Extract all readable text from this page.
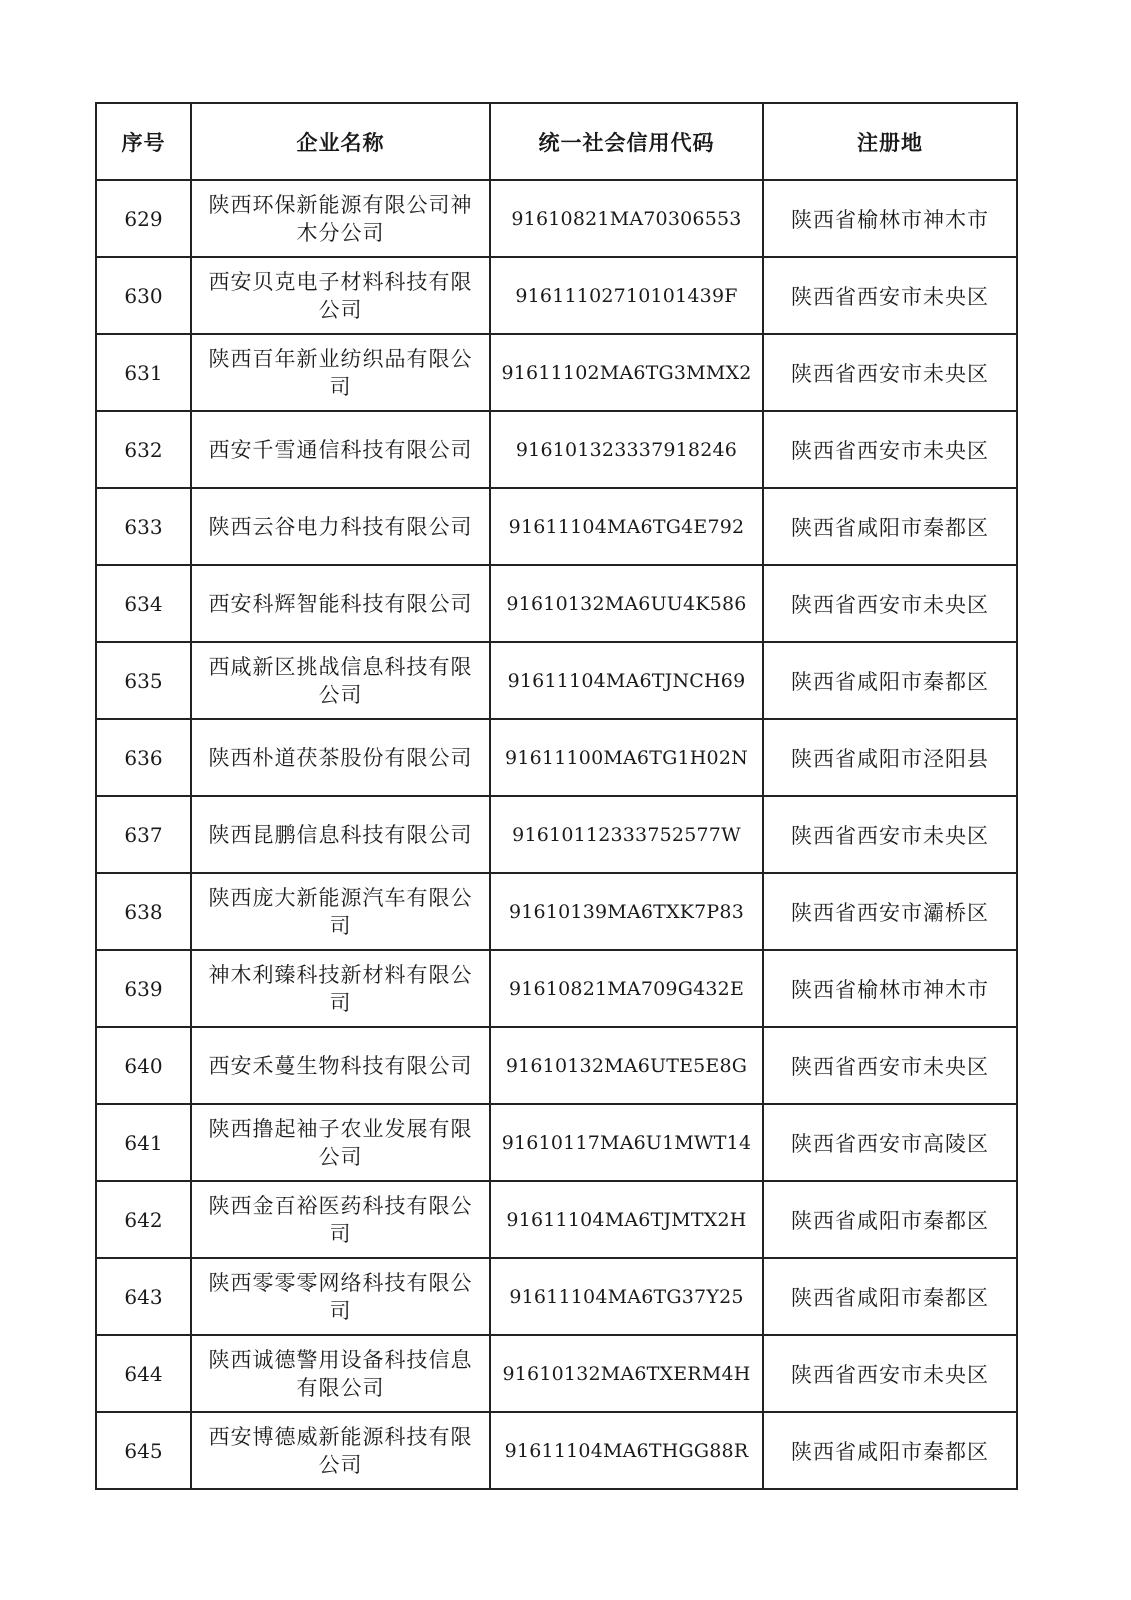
序号	企业名称	统一社会信用代码	注册地
629	陕西环保新能源有限公司神木分公司	91610821MA70306553	陕西省榆林市神木市
630	西安贝克电子材料科技有限公司	916111027101014​39F	陕西省西安市未央区
631	陕西百年新业纺织品有限公司	91611102MA6TG3MMX2	陕西省西安市未央区
632	西安千雪通信科技有限公司	916101323337918246	陕西省西安市未央区
633	陕西云谷电力科技有限公司	91611104MA6TG4E792	陕西省咸阳市秦都区
634	西安科辉智能科技有限公司	91610132MA6UU4K586	陕西省西安市未央区
635	西咸新区挑战信息科技有限公司	91611104MA6TJNCH69	陕西省咸阳市秦都区
636	陕西朴道茯茶股份有限公司	91611100MA6TG1H02N	陕西省咸阳市泾阳县
637	陕西昆鹏信息科技有限公司	91610112333752577W	陕西省西安市未央区
638	陕西庞大新能源汽车有限公司	91610139MA6TXK7P83	陕西省西安市灞桥区
639	神木利臻科技新材料有限公司	91610821MA709G432E	陕西省榆林市神木市
640	西安禾蔓生物科技有限公司	91610132MA6UTE5E8G	陕西省西安市未央区
641	陕西撸起袖子农业发展有限公司	91610117MA6U1MWT14	陕西省西安市高陵区
642	陕西金百裕医药科技有限公司	91611104MA6TJMTX2H	陕西省咸阳市秦都区
643	陕西零零零网络科技有限公司	91611104MA6TG37Y25	陕西省咸阳市秦都区
644	陕西诚德警用设备科技信息有限公司	91610132MA6TXERM4H	陕西省西安市未央区
645	西安博德威新能源科技有限公司	91611104MA6THGG88R	陕西省咸阳市秦都区
